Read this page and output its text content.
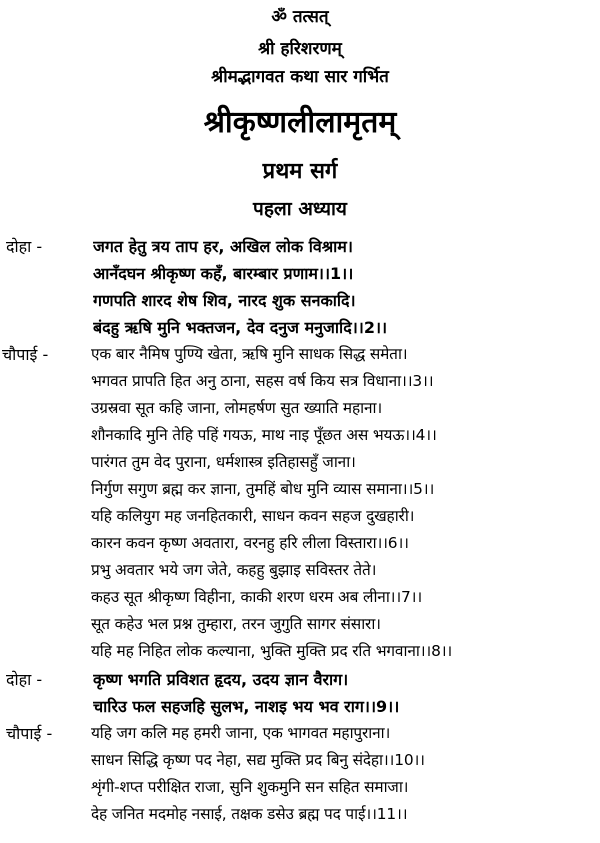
ॐ तत्सत्
श्री हरिशरणम्
श्रीमद्भागवत कथा सार गर्भित
श्रीकृष्णलीलामृतम्
प्रथम सर्ग
पहला अध्याय
दोहा -	जगत हेतु त्रय ताप हर, अखिल लोक विश्राम।
आनँदघन श्रीकृष्ण कहँ, बारम्बार प्रणाम।।1।।
गणपति शारद शेष शिव, नारद शुक सनकादि।
बंदहु ऋषि मुनि भक्तजन, देव दनुज मनुजादि।।2।।
चौपाई -	एक बार नैमिष पुण्यि खेता, ऋषि मुनि साधक सिद्ध समेता।
भगवत प्रापति हित अनु ठाना, सहस वर्ष किय सत्र विधाना।।3।।
उग्रस्रवा सूत कहि जाना, लोमहर्षण सुत ख्याति महाना।
शौनकादि मुनि तेहि पहिं गयऊ, माथ नाइ पूँछत अस भयऊ।।4।।
पारंगत तुम वेद पुराना, धर्मशास्त्र इतिहासहुँ जाना।
निर्गुण सगुण ब्रह्म कर ज्ञाना, तुमहिं बोध मुनि व्यास समाना।।5।।
यहि कलियुग मह जनहितकारी, साधन कवन सहज दुखहारी।
कारन कवन कृष्ण अवतारा, वरनहु हरि लीला विस्तारा।।6।।
प्रभु अवतार भये जग जेते, कहहु बुझाइ सविस्तर तेते।
कहउ सूत श्रीकृष्ण विहीना, काकी शरण धरम अब लीना।।7।।
सूत कहेउ भल प्रश्न तुम्हारा, तरन जुगुति सागर संसारा।
यहि मह निहित लोक कल्याना, भुक्ति मुक्ति प्रद रति भगवाना।।8।।
दोहा -	कृष्ण भगति प्रविशत हृदय, उदय ज्ञान वैराग।
चारिउ फल सहजहि सुलभ, नाशइ भय भव राग।।9।।
चौपाई -	यहि जग कलि मह हमरी जाना, एक भागवत महापुराना।
साधन सिद्धि कृष्ण पद नेहा, सद्य मुक्ति प्रद बिनु संदेहा।।10।।
शृंगी-शप्त परीक्षित राजा, सुनि शुकमुनि सन सहित समाजा।
देह जनित मदमोह नसाई, तक्षक डसेउ ब्रह्म पद पाई।।11।।
